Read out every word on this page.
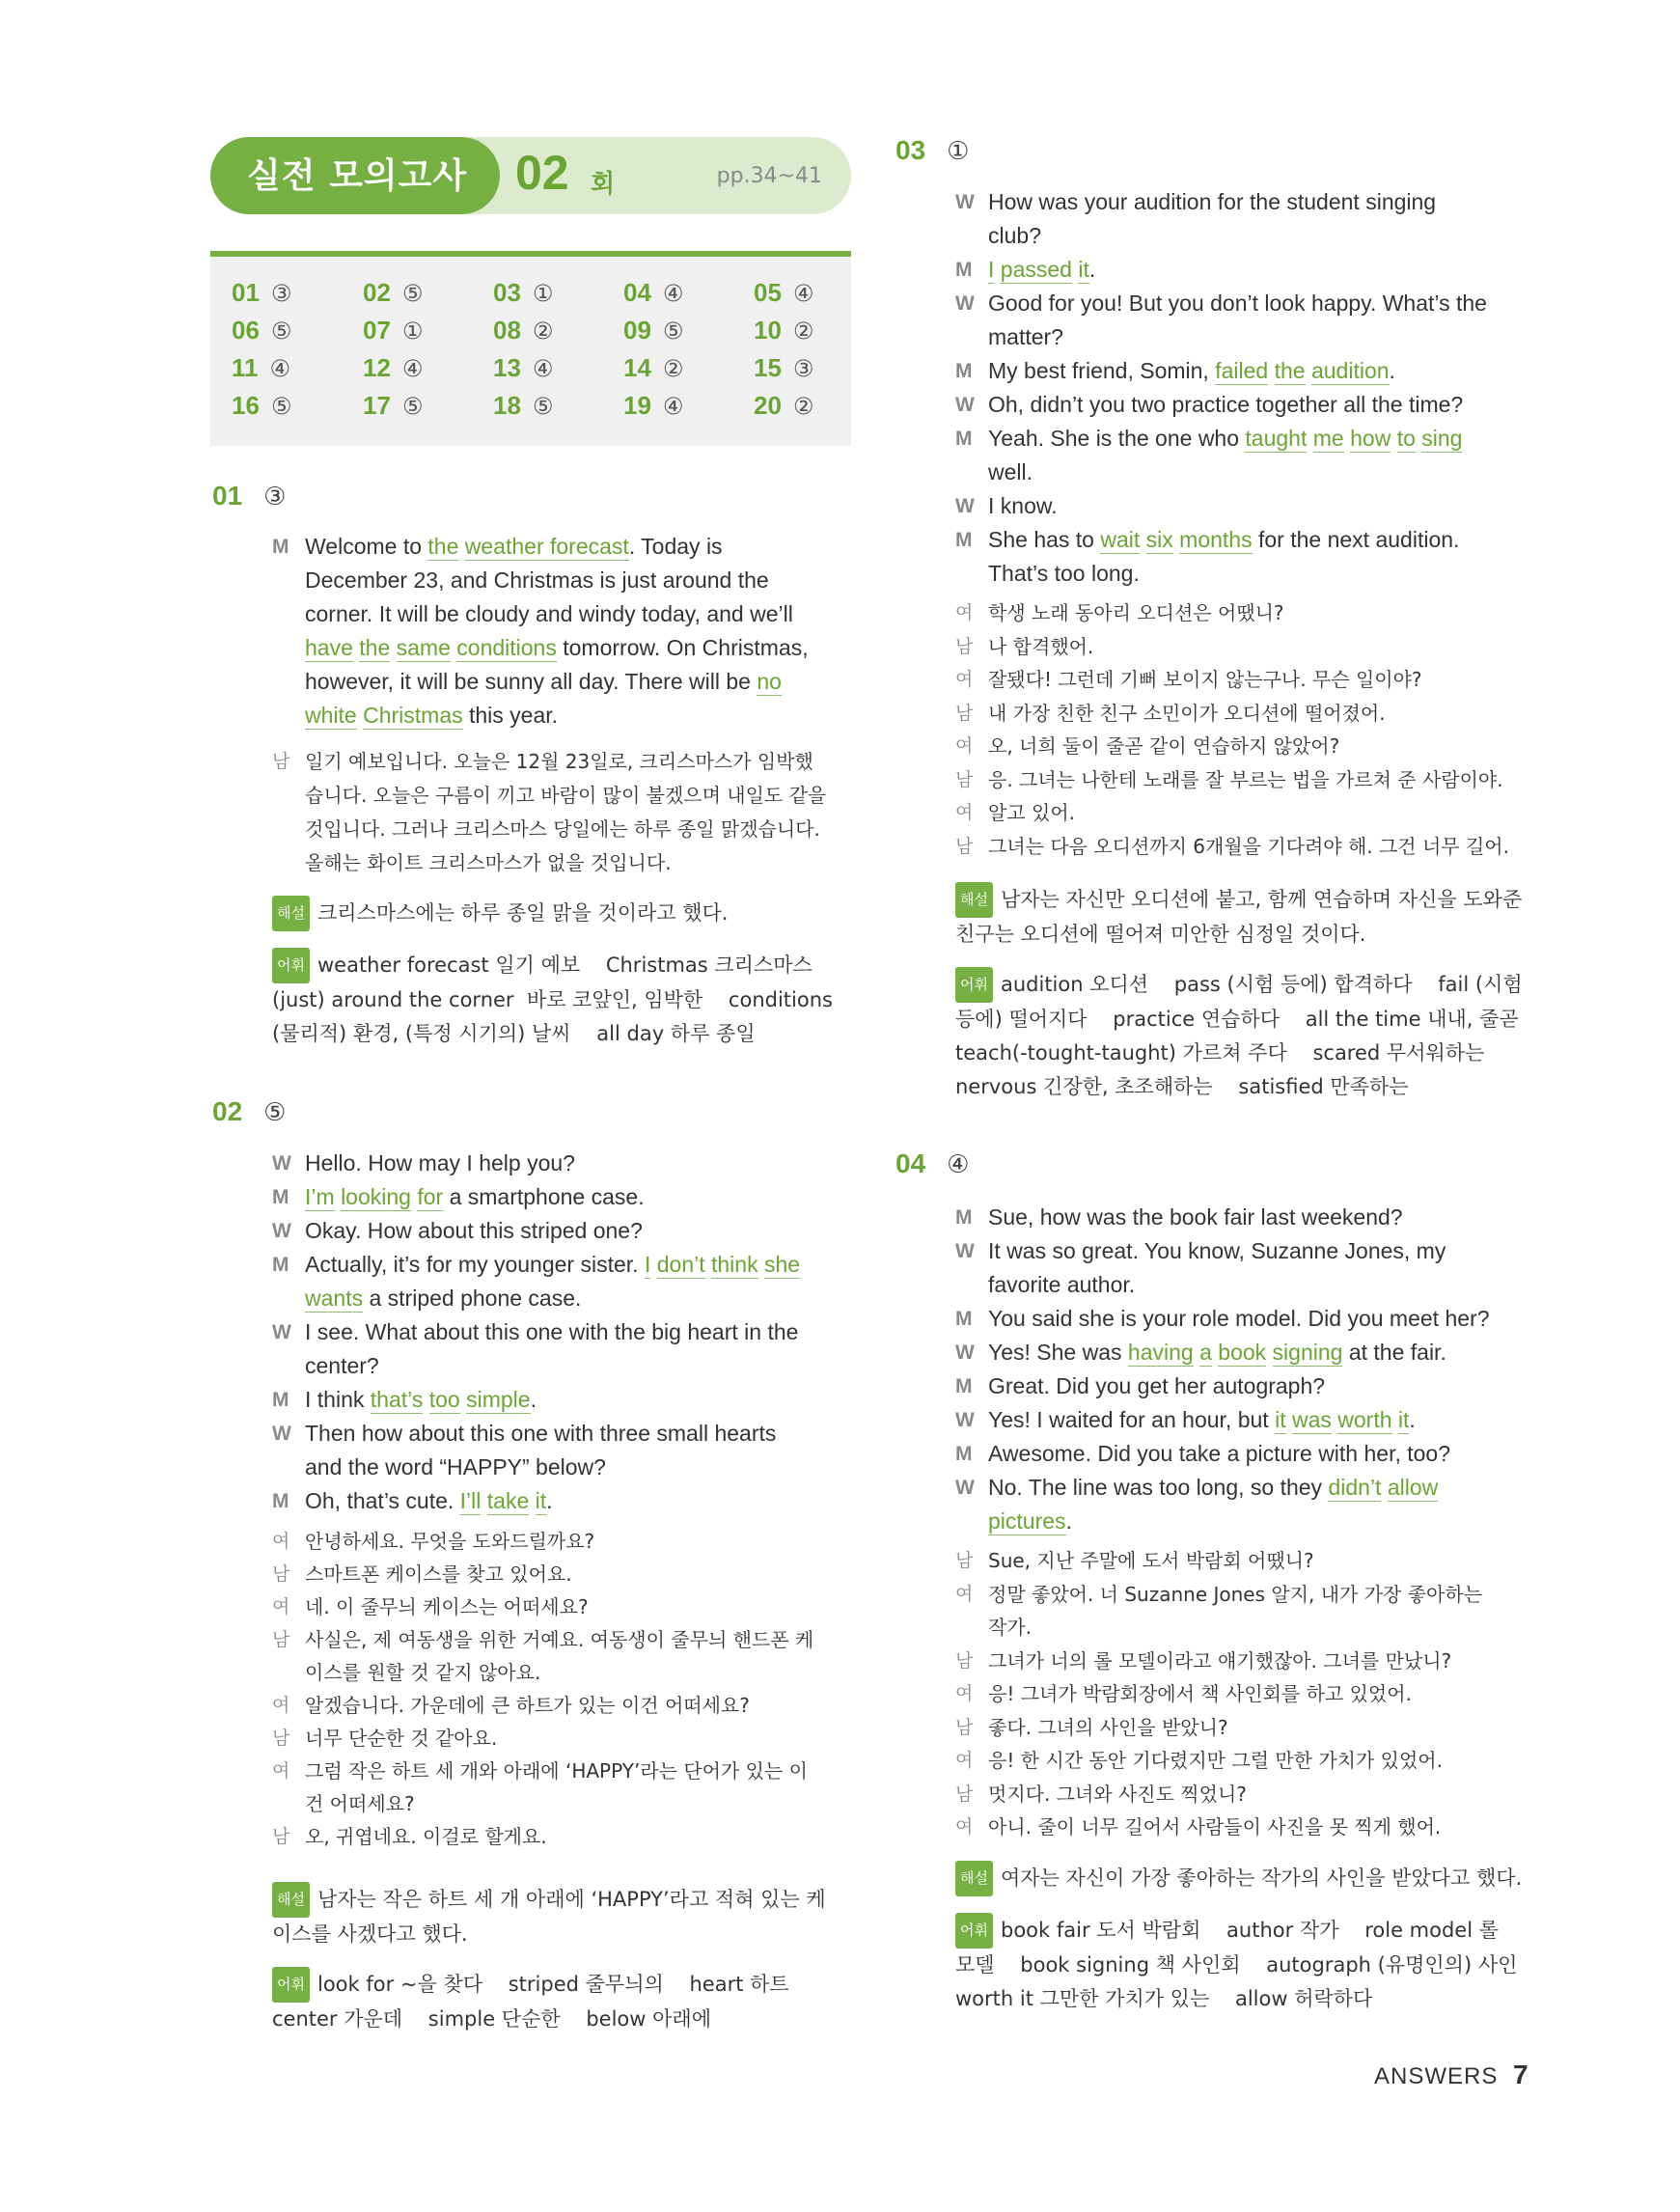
실전 모의고사 02 회	pp.34~41
01 ③	02 ⑤	03 ①	04 ④	05 ④
06 ⑤	07 ①	08 ②	09 ⑤	10 ②
11 ④	12 ④	13 ④	14 ②	15 ③
16 ⑤	17 ⑤	18 ⑤	19 ④	20 ②
01 ③
M Welcome to the weather forecast. Today is
December 23, and Christmas is just around the
corner. It will be cloudy and windy today, and we’ll
have the same conditions tomorrow. On Christmas,
however, it will be sunny all day. There will be no
white Christmas this year.
남 일기 예보입니다. 오늘은 12월 23일로, 크리스마스가 임박했
습니다. 오늘은 구름이 끼고 바람이 많이 불겠으며 내일도 같을
것입니다. 그러나 크리스마스 당일에는 하루 종일 맑겠습니다.
올해는 화이트 크리스마스가 없을 것입니다.
해설 크리스마스에는 하루 종일 맑을 것이라고 했다.
어휘 weather forecast 일기 예보    Christmas 크리스마스
(just) around the corner  바로 코앞인, 임박한    conditions
(물리적) 환경, (특정 시기의) 날씨    all day 하루 종일
02 ⑤
W Hello. How may I help you?
M I’m looking for a smartphone case.
W Okay. How about this striped one?
M Actually, it’s for my younger sister. I don’t think she
wants a striped phone case.
W I see. What about this one with the big heart in the
center?
M I think that’s too simple.
W Then how about this one with three small hearts
and the word “HAPPY” below?
M Oh, that’s cute. I’ll take it.
여 안녕하세요. 무엇을 도와드릴까요?
남 스마트폰 케이스를 찾고 있어요.
여 네. 이 줄무늬 케이스는 어떠세요?
남 사실은, 제 여동생을 위한 거예요. 여동생이 줄무늬 핸드폰 케
이스를 원할 것 같지 않아요.
여 알겠습니다. 가운데에 큰 하트가 있는 이건 어떠세요?
남 너무 단순한 것 같아요.
여 그럼 작은 하트 세 개와 아래에 ‘HAPPY’라는 단어가 있는 이
건 어떠세요?
남 오, 귀엽네요. 이걸로 할게요.
해설 남자는 작은 하트 세 개 아래에 ‘HAPPY’라고 적혀 있는 케
이스를 사겠다고 했다.
어휘 look for ~을 찾다    striped 줄무늬의    heart 하트
center 가운데    simple 단순한    below 아래에
03 ①
W How was your audition for the student singing
club?
M I passed it.
W Good for you! But you don’t look happy. What’s the
matter?
M My best friend, Somin, failed the audition.
W Oh, didn’t you two practice together all the time?
M Yeah. She is the one who taught me how to sing
well.
W I know.
M She has to wait six months for the next audition.
That’s too long.
여 학생 노래 동아리 오디션은 어땠니?
남 나 합격했어.
여 잘됐다! 그런데 기뻐 보이지 않는구나. 무슨 일이야?
남 내 가장 친한 친구 소민이가 오디션에 떨어졌어.
여 오, 너희 둘이 줄곧 같이 연습하지 않았어?
남 응. 그녀는 나한테 노래를 잘 부르는 법을 가르쳐 준 사람이야.
여 알고 있어.
남 그녀는 다음 오디션까지 6개월을 기다려야 해. 그건 너무 길어.
해설 남자는 자신만 오디션에 붙고, 함께 연습하며 자신을 도와준
친구는 오디션에 떨어져 미안한 심정일 것이다.
어휘 audition 오디션    pass (시험 등에) 합격하다    fail (시험
등에) 떨어지다    practice 연습하다    all the time 내내, 줄곧
teach(-tought-taught) 가르쳐 주다    scared 무서워하는
nervous 긴장한, 초조해하는    satisfied 만족하는
04 ④
M Sue, how was the book fair last weekend?
W It was so great. You know, Suzanne Jones, my
favorite author.
M You said she is your role model. Did you meet her?
W Yes! She was having a book signing at the fair.
M Great. Did you get her autograph?
W Yes! I waited for an hour, but it was worth it.
M Awesome. Did you take a picture with her, too?
W No. The line was too long, so they didn’t allow
pictures.
남 Sue, 지난 주말에 도서 박람회 어땠니?
여 정말 좋았어. 너 Suzanne Jones 알지, 내가 가장 좋아하는
작가.
남 그녀가 너의 롤 모델이라고 얘기했잖아. 그녀를 만났니?
여 응! 그녀가 박람회장에서 책 사인회를 하고 있었어.
남 좋다. 그녀의 사인을 받았니?
여 응! 한 시간 동안 기다렸지만 그럴 만한 가치가 있었어.
남 멋지다. 그녀와 사진도 찍었니?
여 아니. 줄이 너무 길어서 사람들이 사진을 못 찍게 했어.
해설 여자는 자신이 가장 좋아하는 작가의 사인을 받았다고 했다.
어휘 book fair 도서 박람회    author 작가    role model 롤
모델    book signing 책 사인회    autograph (유명인의) 사인
worth it 그만한 가치가 있는    allow 허락하다
ANSWERS 7
